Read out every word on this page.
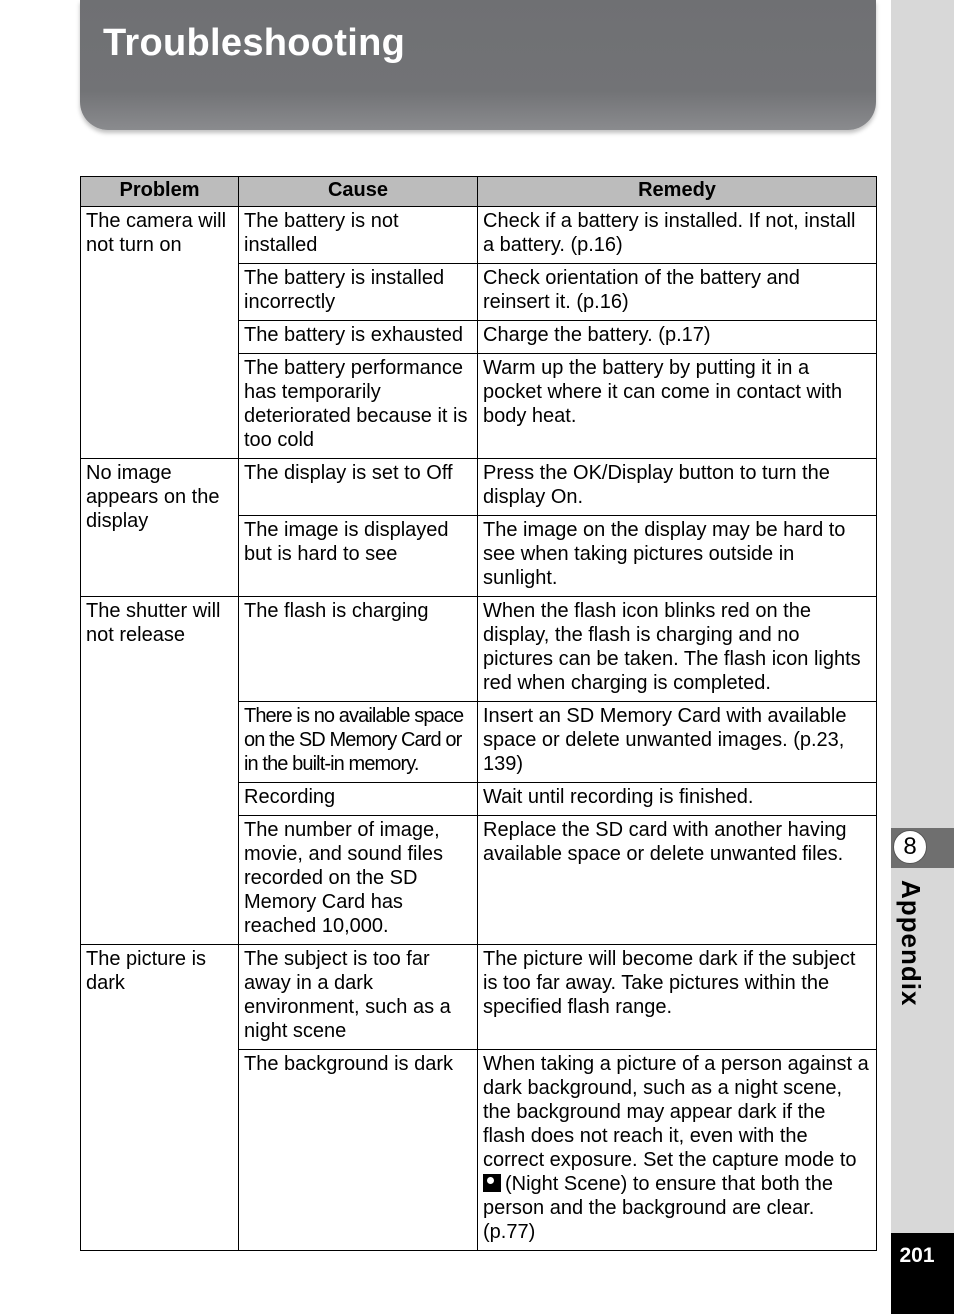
Troubleshooting
8
Appendix
201
Problem	Cause	Remedy
The camera will not turn on	The battery is not installed	Check if a battery is installed. If not, install a battery. (p.16)
	The battery is installed incorrectly	Check orientation of the battery and reinsert it. (p.16)
	The battery is exhausted	Charge the battery. (p.17)
	The battery performance has temporarily deteriorated because it is too cold	Warm up the battery by putting it in a pocket where it can come in contact with body heat.
No image appears on the display	The display is set to Off	Press the OK/Display button to turn the display On.
	The image is displayed but is hard to see	The image on the display may be hard to see when taking pictures outside in sunlight.
The shutter will not release	The flash is charging	When the flash icon blinks red on the display, the flash is charging and no pictures can be taken. The flash icon lights red when charging is completed.
	There is no available space on the SD Memory Card or in the built-in memory.	Insert an SD Memory Card with available space or delete unwanted images. (p.23, 139)
	Recording	Wait until recording is finished.
	The number of image, movie, and sound files recorded on the SD Memory Card has reached 10,000.	Replace the SD card with another having available space or delete unwanted files.
The picture is dark	The subject is too far away in a dark environment, such as a night scene	The picture will become dark if the subject is too far away. Take pictures within the specified flash range.
	The background is dark	When taking a picture of a person against a dark background, such as a night scene, the background may appear dark if the flash does not reach it, even with the correct exposure. Set the capture mode to (Night Scene) to ensure that both the person and the background are clear. (p.77)
